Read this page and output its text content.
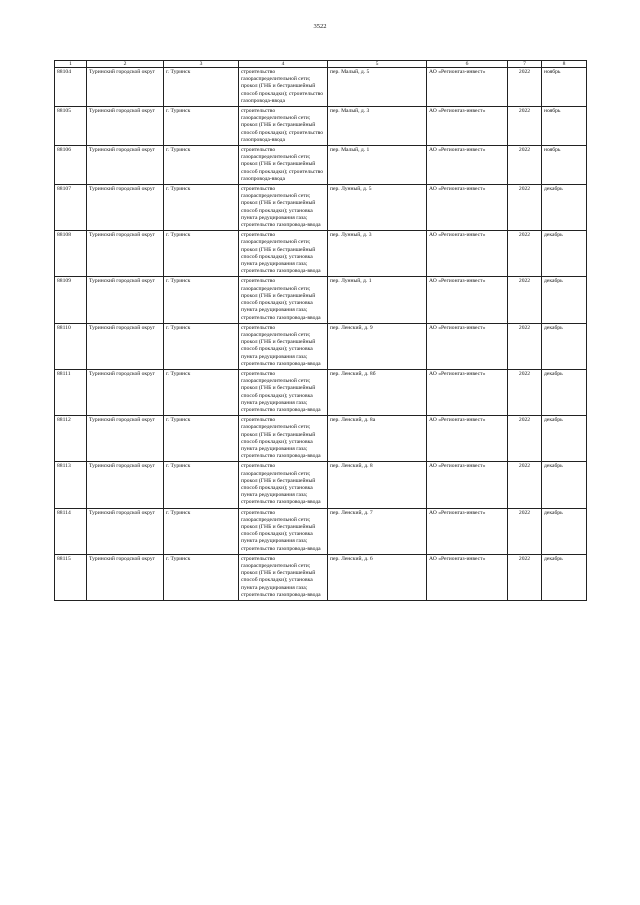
3522
1	2	3	4	5	6	7	8
88104	Туринский городской округ	г. Туринск	строительство газораспределительной сети; прокол (ГНБ и бестраншейный способ прокладки); строительство газопровода-ввода	пер. Малый, д. 5	АО «Регионгаз-инвест»	2022	ноябрь
88105	Туринский городской округ	г. Туринск	строительство газораспределительной сети; прокол (ГНБ и бестраншейный способ прокладки); строительство газопровода-ввода	пер. Малый, д. 3	АО «Регионгаз-инвест»	2022	ноябрь
88106	Туринский городской округ	г. Туринск	строительство газораспределительной сети; прокол (ГНБ и бестраншейный способ прокладки); строительство газопровода-ввода	пер. Малый, д. 1	АО «Регионгаз-инвест»	2022	ноябрь
88107	Туринский городской округ	г. Туринск	строительство газораспределительной сети; прокол (ГНБ и бестраншейный способ прокладки); установка пункта редуцирования газа; строительство газопровода-ввода	пер. Лунный, д. 5	АО «Регионгаз-инвест»	2022	декабрь
88108	Туринский городской округ	г. Туринск	строительство газораспределительной сети; прокол (ГНБ и бестраншейный способ прокладки); установка пункта редуцирования газа; строительство газопровода-ввода	пер. Лунный, д. 3	АО «Регионгаз-инвест»	2022	декабрь
88109	Туринский городской округ	г. Туринск	строительство газораспределительной сети; прокол (ГНБ и бестраншейный способ прокладки); установка пункта редуцирования газа; строительство газопровода-ввода	пер. Лунный, д. 1	АО «Регионгаз-инвест»	2022	декабрь
88110	Туринский городской округ	г. Туринск	строительство газораспределительной сети; прокол (ГНБ и бестраншейный способ прокладки); установка пункта редуцирования газа; строительство газопровода-ввода	пер. Ленский, д. 9	АО «Регионгаз-инвест»	2022	декабрь
88111	Туринский городской округ	г. Туринск	строительство газораспределительной сети; прокол (ГНБ и бестраншейный способ прокладки); установка пункта редуцирования газа; строительство газопровода-ввода	пер. Ленский, д. 8б	АО «Регионгаз-инвест»	2022	декабрь
88112	Туринский городской округ	г. Туринск	строительство газораспределительной сети; прокол (ГНБ и бестраншейный способ прокладки); установка пункта редуцирования газа; строительство газопровода-ввода	пер. Ленский, д. 8а	АО «Регионгаз-инвест»	2022	декабрь
88113	Туринский городской округ	г. Туринск	строительство газораспределительной сети; прокол (ГНБ и бестраншейный способ прокладки); установка пункта редуцирования газа; строительство газопровода-ввода	пер. Ленский, д. 8	АО «Регионгаз-инвест»	2022	декабрь
88114	Туринский городской округ	г. Туринск	строительство газораспределительной сети; прокол (ГНБ и бестраншейный способ прокладки); установка пункта редуцирования газа; строительство газопровода-ввода	пер. Ленский, д. 7	АО «Регионгаз-инвест»	2022	декабрь
88115	Туринский городской округ	г. Туринск	строительство газораспределительной сети; прокол (ГНБ и бестраншейный способ прокладки); установка пункта редуцирования газа; строительство газопровода-ввода	пер. Ленский, д. 6	АО «Регионгаз-инвест»	2022	декабрь
